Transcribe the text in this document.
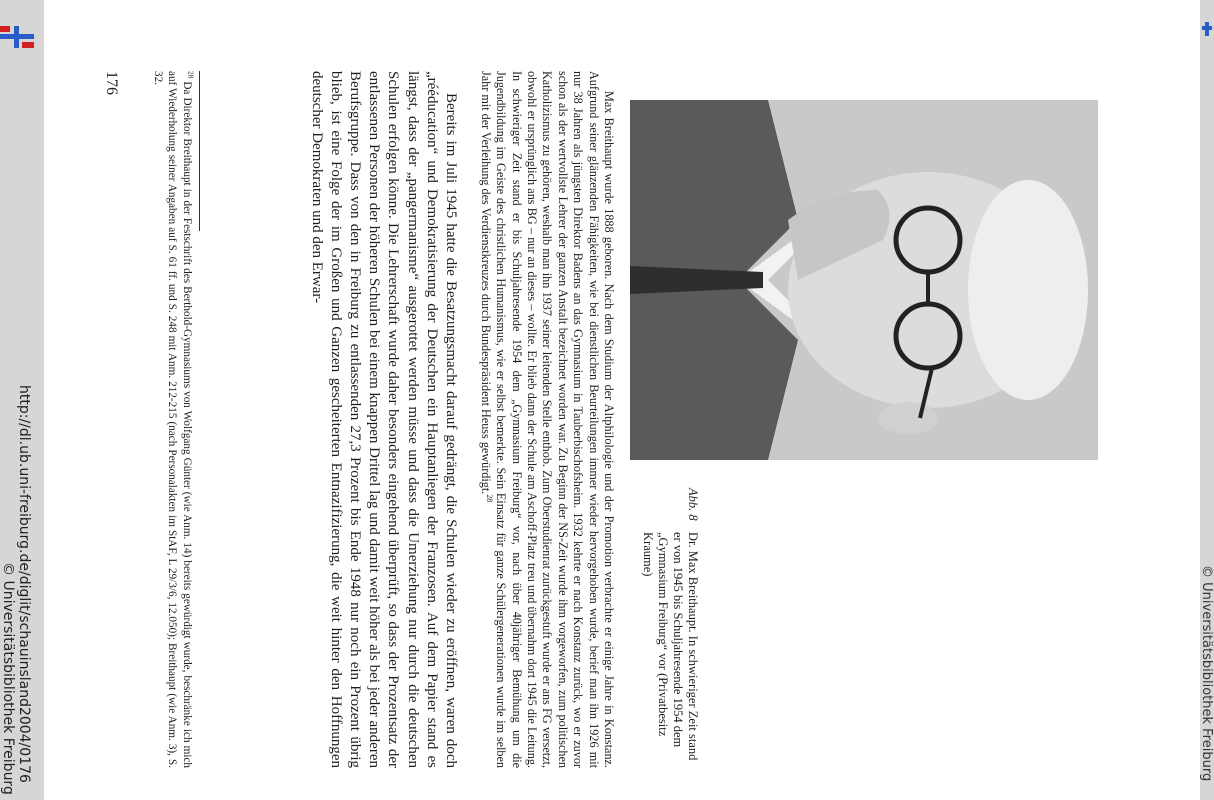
http://dl.ub.uni-freiburg.de/diglit/schauinsland2004/0176
© Universitätsbibliothek Freiburg	© Universitätsbibliothek Freiburg
Abb. 8Dr. Max Breithaupt. In schwieriger Zeit stand er von 1945 bis Schuljahresende 1954 dem „Gymnasium Freiburg“ vor (Privatbesitz Kraume)
Max Breithaupt wurde 1888 geboren. Nach dem Studium der Altphilologie und der Promotion verbrachte er einige Jahre in Konstanz. Aufgrund seiner glänzenden Fähigkeiten, wie bei dienstlichen Beurteilungen immer wieder hervorgehoben wurde, berief man ihn 1926 mit nur 38 Jahren als jüngsten Direktor Badens an das Gymnasium in Tauberbischofsheim. 1932 kehrte er nach Konstanz zurück, wo er zuvor schon als der wertvollste Lehrer der ganzen Anstalt bezeichnet worden war. Zu Beginn der NS-Zeit wurde ihm vorgeworfen, zum politischen Katholizismus zu gehören, weshalb man ihn 1937 seiner leitenden Stelle enthob. Zum Oberstudienrat zurückgestuft wurde er ans FG versetzt, obwohl er ursprünglich ans BG – nur an dieses – wollte. Er blieb dann der Schule am Aschoff-Platz treu und übernahm dort 1945 die Leitung. In schwieriger Zeit stand er bis Schuljahresende 1954 dem „Gymnasium Freiburg“ vor, nach über 40jähriger Bemühung um die Jugendbildung im Geiste des christlichen Humanismus, wie er selbst bemerkte. Sein Einsatz für ganze Schülergenerationen wurde im selben Jahr mit der Verleihung des Verdienstkreuzes durch Bundespräsident Heuss gewürdigt.$^{28}$
Bereits im Juli 1945 hatte die Besatzungsmacht darauf gedrängt, die Schulen wieder zu eröffnen, waren doch „rééducation“ und Demokratisierung der Deutschen ein Hauptanliegen der Franzosen. Auf dem Papier stand es längst, dass der „pangermanisme“ ausgerottet werden müsse und dass die Umerziehung nur durch die deutschen Schulen erfolgen könne. Die Lehrerschaft wurde daher besonders eingehend überprüft, so dass der Prozentsatz der entlassenen Personen der höheren Schulen bei einem knappen Drittel lag und damit weit höher als bei jeder anderen Berufsgruppe. Dass von den in Freiburg zu entlassenden 27,3 Prozent bis Ende 1948 nur noch ein Prozent übrig blieb, ist eine Folge der im Großen und Ganzen gescheiterten Entnazifizierung, die weit hinter den Hoffnungen deutscher Demokraten und den Erwar-
$^{28}$ Da Direktor Breithaupt in der Festschrift des Berthold-Gymnasiums von Wolfgang Günter (wie Anm. 14) bereits gewürdigt wurde, beschränke ich mich auf Wiederholung seiner Angaben auf S. 61 ff. und S. 248 mit Anm. 212-215 (nach Personalakten im StAF, L 29/3/6, 12.050); Breithaupt (wie Anm. 3), S. 32.
176
